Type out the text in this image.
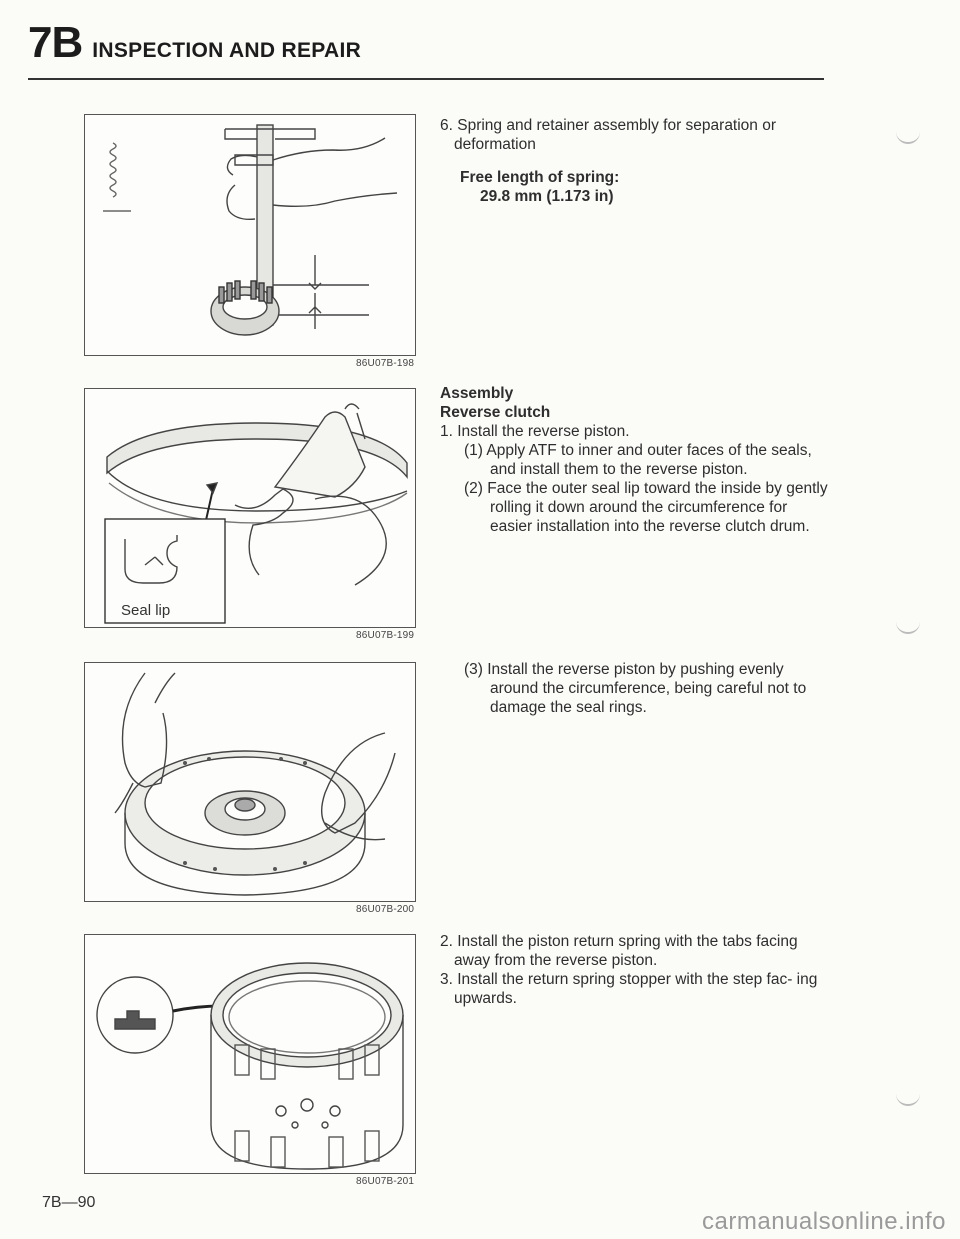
7B INSPECTION AND REPAIR
86U07B-198
Seal lip
86U07B-199
86U07B-200
86U07B-201

6. Spring and retainer assembly for separation or deformation

Free length of spring:
29.8 mm (1.173 in)

Assembly

Reverse clutch

1. Install the reverse piston.

(1) Apply ATF to inner and outer faces of the seals, and install them to the reverse piston.

(2) Face the outer seal lip toward the inside by gently rolling it down around the circumference for easier installation into the reverse clutch drum.

(3) Install the reverse piston by pushing evenly around the circumference, being careful not to damage the seal rings.

2. Install the piston return spring with the tabs facing away from the reverse piston.

3. Install the return spring stopper with the step fac- ing upwards.

7B—90
carmanualsonline.info
